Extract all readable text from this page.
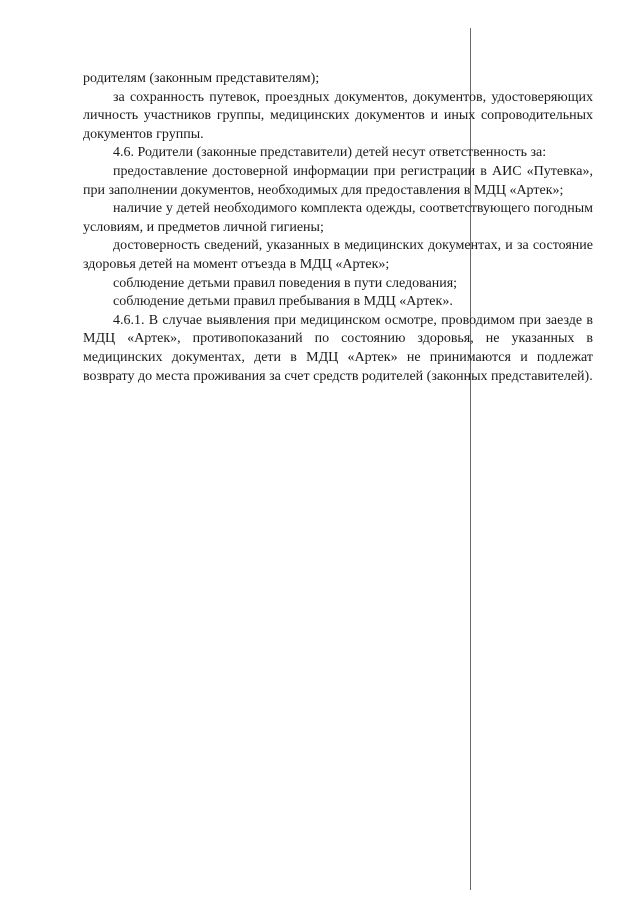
родителям (законным представителям);

за сохранность путевок, проездных документов, документов, удостоверяющих личность участников группы, медицинских документов и иных сопроводительных документов группы.

4.6. Родители (законные представители) детей несут ответственность за:

предоставление достоверной информации при регистрации в АИС «Путевка», при заполнении документов, необходимых для предоставления в МДЦ «Артек»;

наличие у детей необходимого комплекта одежды, соответствующего погодным условиям, и предметов личной гигиены;

достоверность сведений, указанных в медицинских документах, и за состояние здоровья детей на момент отъезда в МДЦ «Артек»;

соблюдение детьми правил поведения в пути следования;

соблюдение детьми правил пребывания в МДЦ «Артек».

4.6.1. В случае выявления при медицинском осмотре, проводимом при заезде в МДЦ «Артек», противопоказаний по состоянию здоровья, не указанных в медицинских документах, дети в МДЦ «Артек» не принимаются и подлежат возврату до места проживания за счет средств родителей (законных представителей).
